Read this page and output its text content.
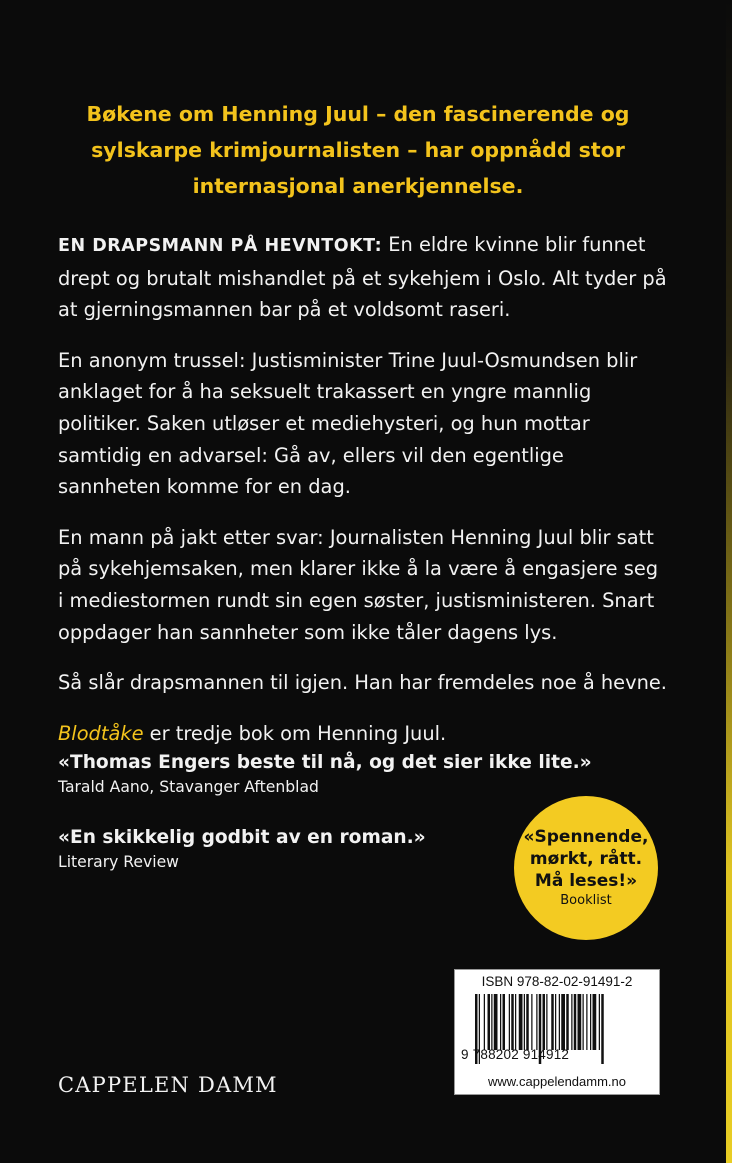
Bøkene om Henning Juul – den fascinerende og sylskarpe krimjournalisten – har oppnådd stor internasjonal anerkjennelse.

EN DRAPSMANN PÅ HEVNTOKT: En eldre kvinne blir funnet drept og brutalt mishandlet på et sykehjem i Oslo. Alt tyder på at gjerningsmannen bar på et voldsomt raseri.

En anonym trussel: Justisminister Trine Juul-Osmundsen blir anklaget for å ha seksuelt trakassert en yngre mannlig politiker. Saken utløser et mediehysteri, og hun mottar samtidig en advarsel: Gå av, ellers vil den egentlige sannheten komme for en dag.

En mann på jakt etter svar: Journalisten Henning Juul blir satt på sykehjemsaken, men klarer ikke å la være å engasjere seg i mediestormen rundt sin egen søster, justisministeren. Snart oppdager han sannheter som ikke tåler dagens lys.

Så slår drapsmannen til igjen. Han har fremdeles noe å hevne.

Blodtåke er tredje bok om Henning Juul.

«Thomas Engers beste til nå, og det sier ikke lite.»
Tarald Aano, Stavanger Aftenblad
«En skikkelig godbit av en roman.»
Literary Review
«Spennende,
mørkt, rått.
Må leses!»
Booklist
CAPPELEN DAMM
ISBN 978-82-02-91491-2
9 788202 914912
www.cappelendamm.no
